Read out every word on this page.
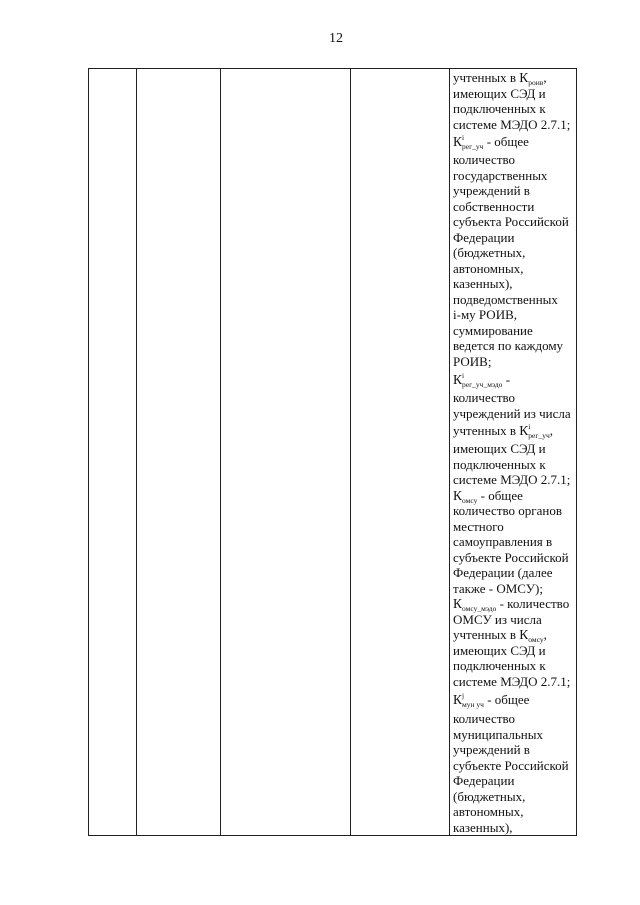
12
учтенных в $К_{роив}$,
имеющих СЭД и
подключенных к
системе МЭДО 2.7.1;
К i
рег_уч - общее
количество
государственных
учреждений в
собственности
субъекта Российской
Федерации
(бюджетных,
автономных,
казенных),
подведомственных
i-му РОИВ,
суммирование
ведется по каждому
РОИВ;
К i
рег_уч_мэдо -
количество
учреждений из числа
учтенных в К i
рег_уч ,
имеющих СЭД и
подключенных к
системе МЭДО 2.7.1;
$К_{омсу}$ - общее
количество органов
местного
самоуправления в
субъекте Российской
Федерации (далее
также - ОМСУ);
$К_{омсу\_мэдо}$ - количество
ОМСУ из числа
учтенных в $К_{омсу}$,
имеющих СЭД и
подключенных к
системе МЭДО 2.7.1;
К j
мун уч - общее
количество
муниципальных
учреждений в
субъекте Российской
Федерации
(бюджетных,
автономных,
казенных),
